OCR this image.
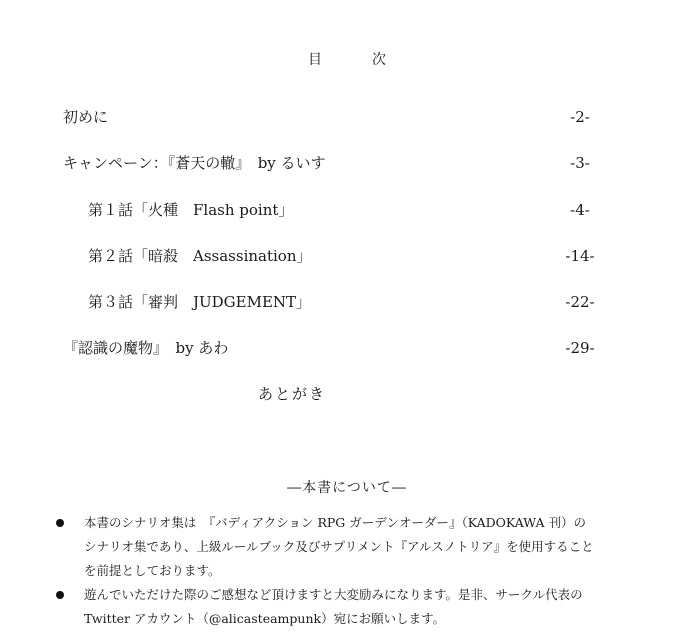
目　次
初めに	-2-
キャンペーン：『蒼天の轍』　by るいす	-3-
第１話「火種　Flash point」	-4-
第２話「暗殺　Assassination」	-14-
第３話「審判　JUDGEMENT」	-22-
『認識の魔物』　by あわ	-29-
あとがき
―本書について―
本書のシナリオ集は　『バディアクション RPG ガーデンオーダー』（KADOKAWA 刊）の
シナリオ集であり、上級ルールブック及びサプリメント『アルスノトリア』を使用すること
を前提としております。
遊んでいただけた際のご感想など頂けますと大変励みになります。是非、サークル代表の
Twitter アカウント（@alicasteampunk）宛にお願いします。
